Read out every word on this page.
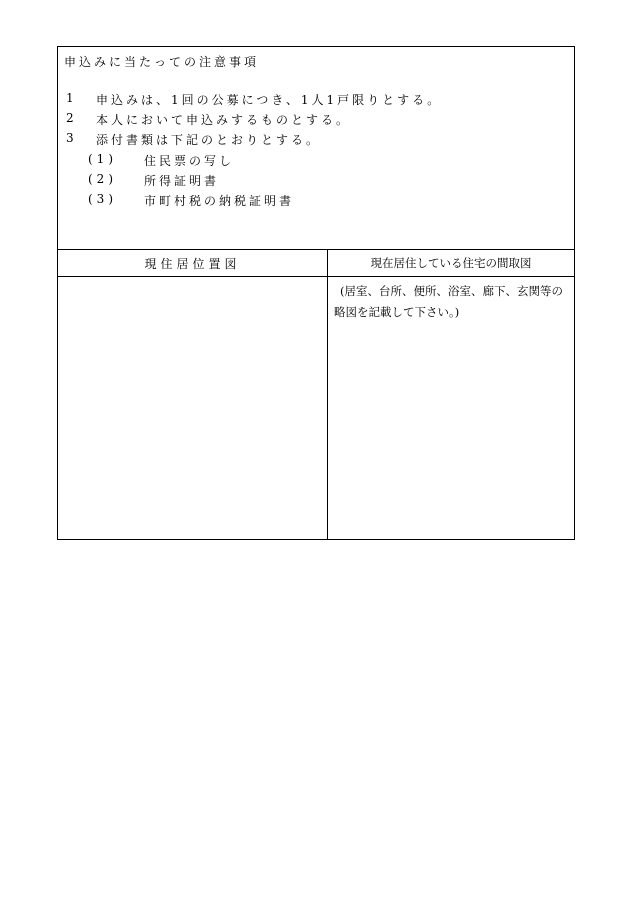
申込みに当たっての注意事項
1 申込みは、1回の公募につき、1人1戸限りとする。
2 本人において申込みするものとする。
3 添付書類は下記のとおりとする。
(1) 住民票の写し
(2) 所得証明書
(3) 市町村税の納税証明書
現住居位置図	現在居住している住宅の間取図
(居室、台所、便所、浴室、廊下、玄関等の
略図を記載して下さい。)
